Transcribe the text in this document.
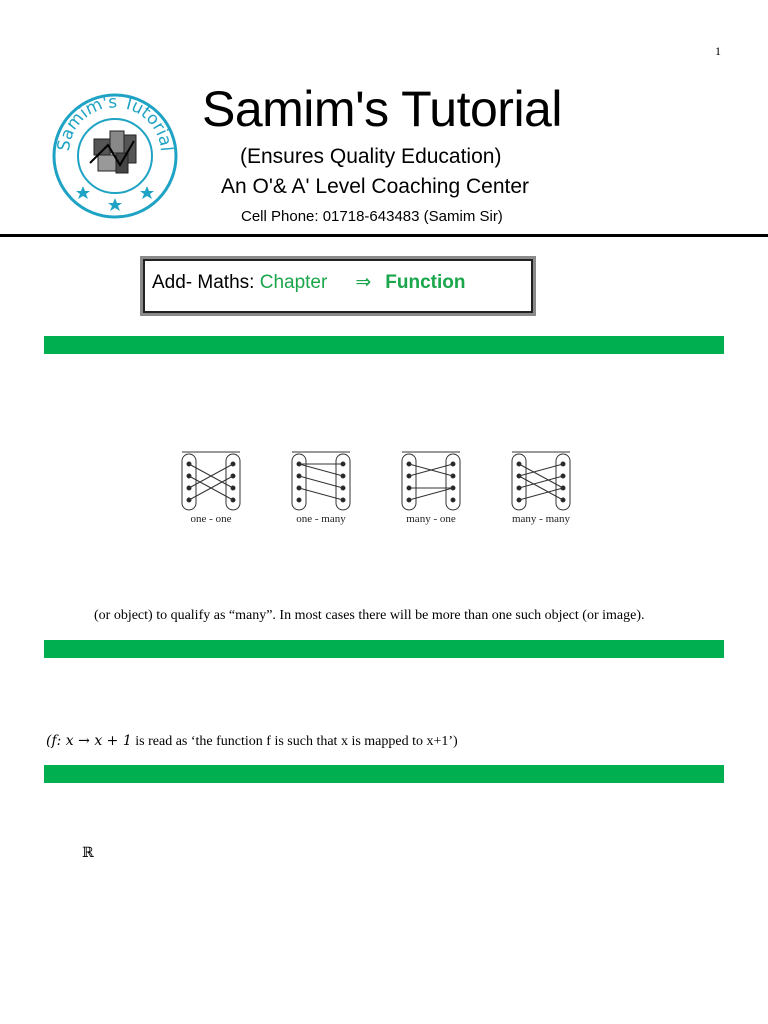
1
Samim's Tutorial
Samim's Tutorial
(Ensures Quality Education)
An O'& A' Level Coaching Center
Cell Phone: 01718-643483 (Samim Sir)
Add- Maths: Chapter ⇒ Function
one - one	one - many	many - one	many - many
(or object) to qualify as “many”. In most cases there will be more than one such object (or image).
(f: x → x + 1 is read as ‘the function f is such that x is mapped to x+1’)
ℝ
